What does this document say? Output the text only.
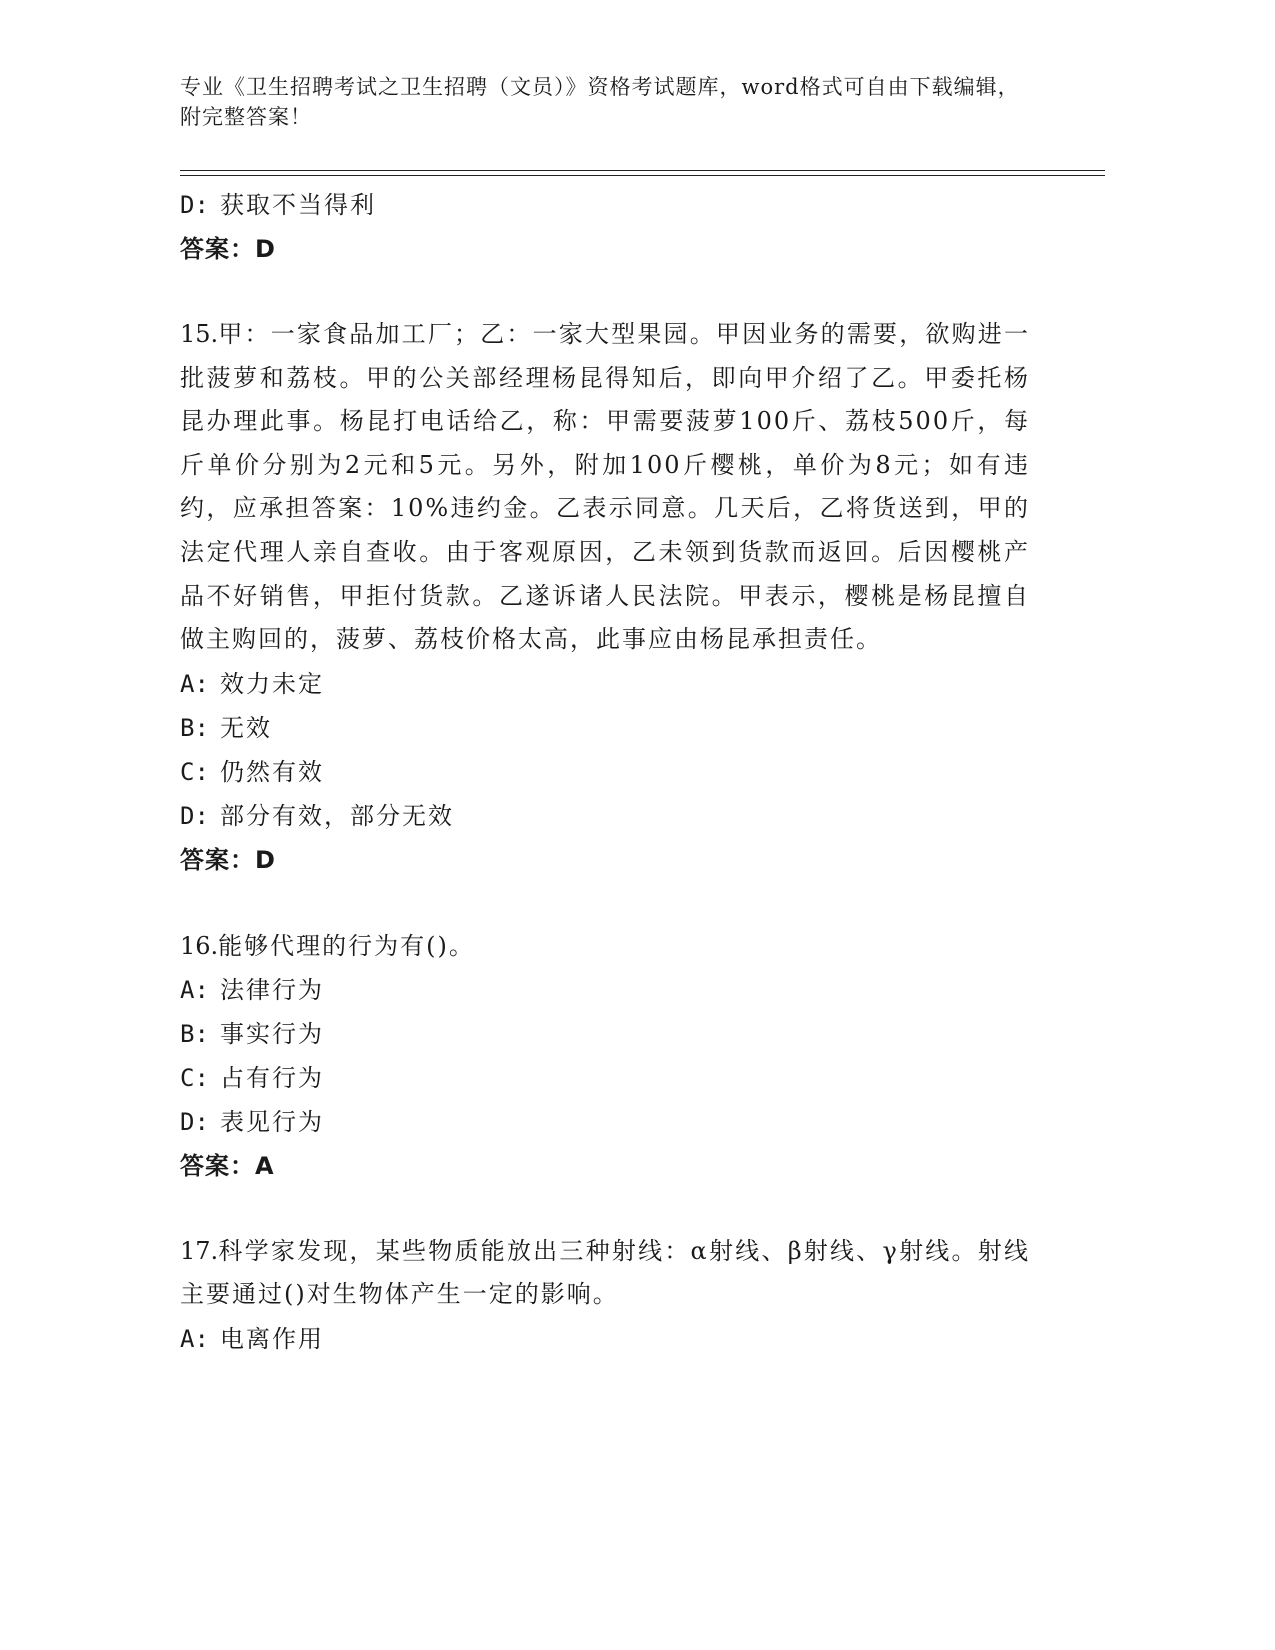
专业《卫生招聘考试之卫生招聘（文员）》资格考试题库，word格式可自由下载编辑，附完整答案！
D: 获取不当得利
答案：D
15.甲：一家食品加工厂；乙：一家大型果园。甲因业务的需要，欲购进一批菠萝和荔枝。甲的公关部经理杨昆得知后，即向甲介绍了乙。甲委托杨昆办理此事。杨昆打电话给乙，称：甲需要菠萝100斤、荔枝500斤，每斤单价分别为2元和5元。另外，附加100斤樱桃，单价为8元；如有违约，应承担答案：10%违约金。乙表示同意。几天后，乙将货送到，甲的法定代理人亲自查收。由于客观原因，乙未领到货款而返回。后因樱桃产品不好销售，甲拒付货款。乙遂诉诸人民法院。甲表示，樱桃是杨昆擅自做主购回的，菠萝、荔枝价格太高，此事应由杨昆承担责任。
A: 效力未定
B: 无效
C: 仍然有效
D: 部分有效，部分无效
答案：D
16.能够代理的行为有()。
A: 法律行为
B: 事实行为
C: 占有行为
D: 表见行为
答案：A
17.科学家发现，某些物质能放出三种射线：α射线、β射线、γ射线。射线主要通过()对生物体产生一定的影响。
A: 电离作用
